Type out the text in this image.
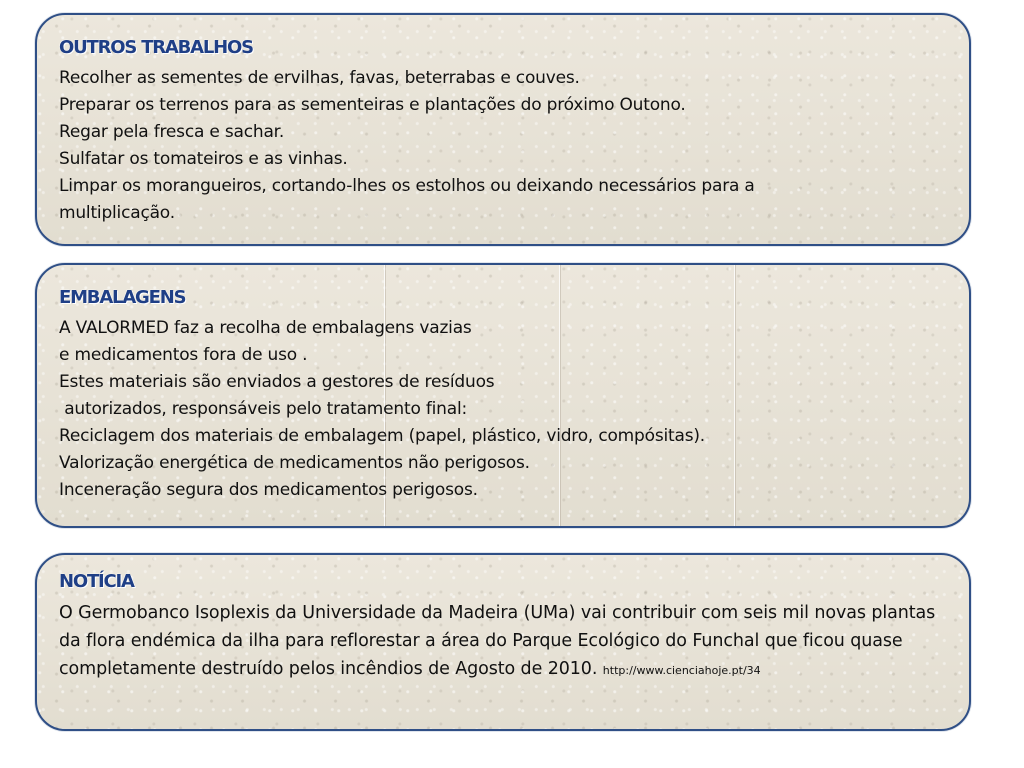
OUTROS TRABALHOS
Recolher as sementes de ervilhas, favas, beterrabas e couves.
Preparar os terrenos para as sementeiras e plantações do próximo Outono.
Regar pela fresca e sachar.
Sulfatar os tomateiros e as vinhas.
Limpar os morangueiros, cortando-lhes os estolhos ou deixando necessários para a multiplicação.
EMBALAGENS
A VALORMED faz a recolha de embalagens vazias
e medicamentos fora de uso .
Estes materiais são enviados a gestores de resíduos
autorizados, responsáveis pelo tratamento final:
Reciclagem dos materiais de embalagem (papel, plástico, vidro, compósitas).
Valorização energética de medicamentos não perigosos.
Inceneração segura dos medicamentos perigosos.
NOTÍCIA
O Germobanco Isoplexis da Universidade da Madeira (UMa) vai contribuir com seis mil novas plantas da flora endémica da ilha para reflorestar a área do Parque Ecológico do Funchal que ficou quase completamente destruído pelos incêndios de Agosto de 2010. http://www.cienciahoje.pt/34
